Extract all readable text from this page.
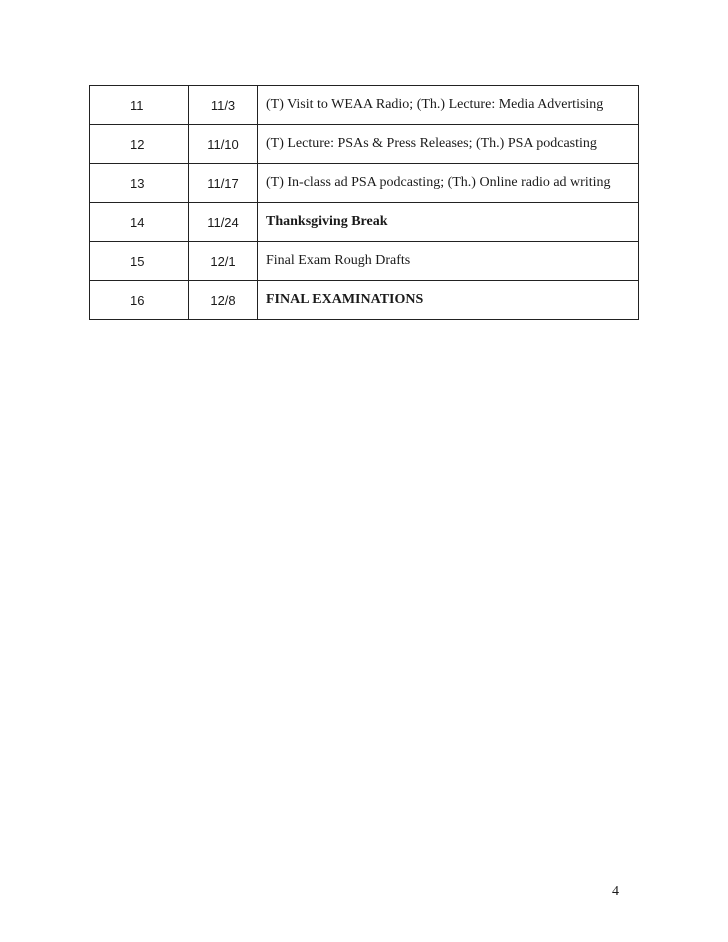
11	11/3	(T) Visit to WEAA Radio; (Th.) Lecture: Media Advertising
12	11/10	(T) Lecture: PSAs & Press Releases; (Th.) PSA podcasting
13	11/17	(T) In-class ad PSA podcasting; (Th.) Online radio ad writing
14	11/24	Thanksgiving Break
15	12/1	Final Exam Rough Drafts
16	12/8	FINAL EXAMINATIONS
4
